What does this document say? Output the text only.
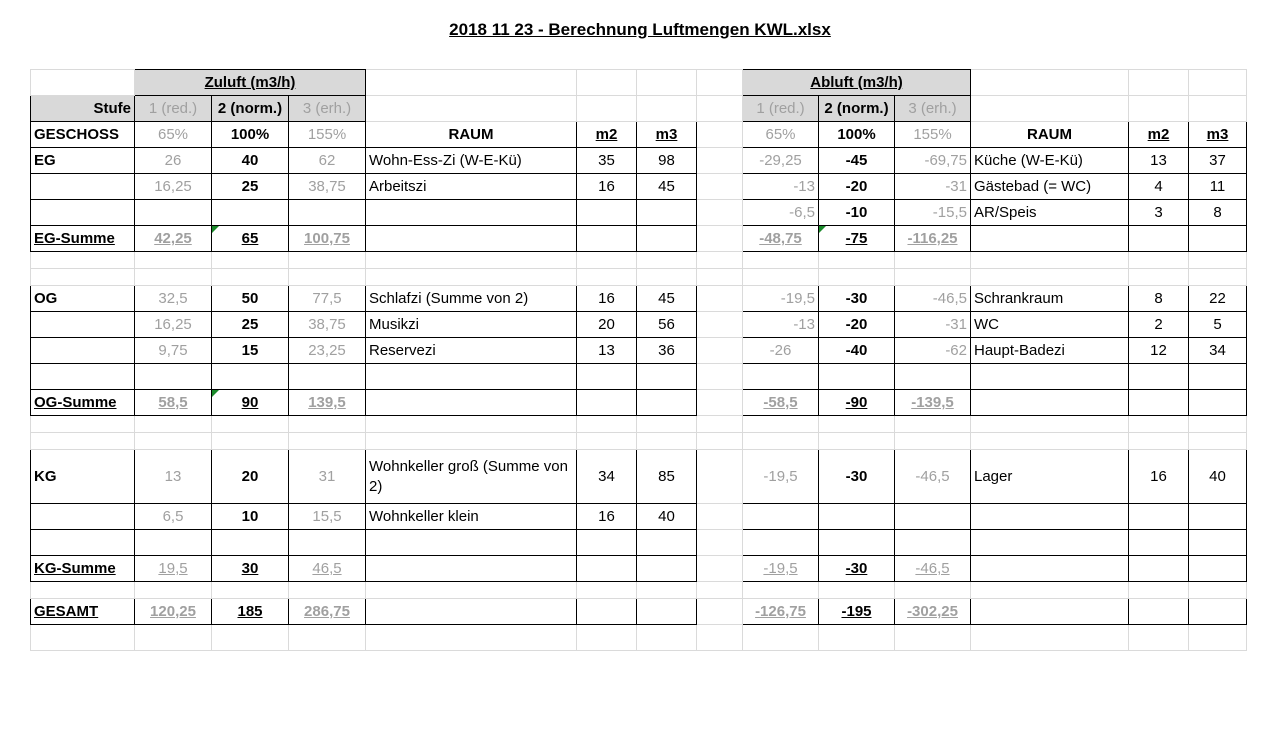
2018 11 23 - Berechnung Luftmengen KWL.xlsx
	Zuluft (m3/h)							Abluft (m3/h)					
Stufe	1 (red.)	2 (norm.)	3 (erh.)					1 (red.)	2 (norm.)	3 (erh.)			
GESCHOSS	65%	100%	155%	RAUM	m2	m3		65%	100%	155%	RAUM	m2	m3
EG	26	40	62	Wohn-Ess-Zi (W-E-Kü)	35	98		-29,25	-45	-69,75	Küche (W-E-Kü)	13	37
	16,25	25	38,75	Arbeitszi	16	45		-13	-20	-31	Gästebad (= WC)	4	11
								-6,5	-10	-15,5	AR/Speis	3	8
EG-Summe	42,25	65	100,75					-48,75	-75	-116,25			

OG	32,5	50	77,5	Schlafzi (Summe von 2)	16	45		-19,5	-30	-46,5	Schrankraum	8	22
	16,25	25	38,75	Musikzi	20	56		-13	-20	-31	WC	2	5
	9,75	15	23,25	Reservezi	13	36		-26	-40	-62	Haupt-Badezi	12	34

OG-Summe	58,5	90	139,5					-58,5	-90	-139,5			

KG	13	20	31	Wohnkeller groß (Summe von 2)	34	85		-19,5	-30	-46,5	Lager	16	40
	6,5	10	15,5	Wohnkeller klein	16	40							

KG-Summe	19,5	30	46,5					-19,5	-30	-46,5			

GESAMT	120,25	185	286,75					-126,75	-195	-302,25			
